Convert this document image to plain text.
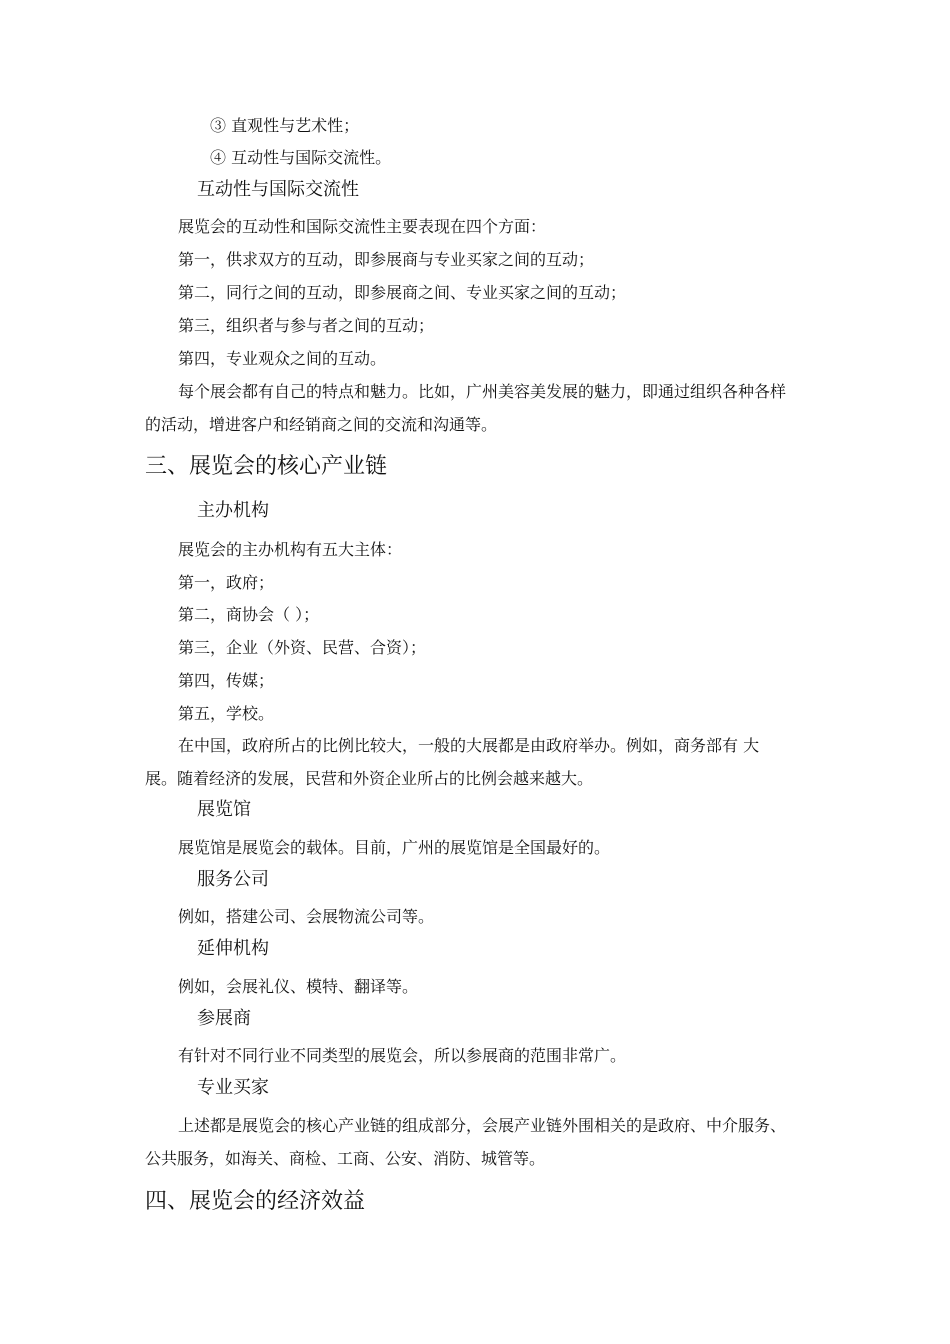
③ 直观性与艺术性；
④ 互动性与国际交流性。
互动性与国际交流性
展览会的互动性和国际交流性主要表现在四个方面：
第一，供求双方的互动，即参展商与专业买家之间的互动；
第二，同行之间的互动，即参展商之间、专业买家之间的互动；
第三，组织者与参与者之间的互动；
第四，专业观众之间的互动。
每个展会都有自己的特点和魅力。比如，广州美容美发展的魅力，即通过组织各种各样
的活动，增进客户和经销商之间的交流和沟通等。
三、展览会的核心产业链
主办机构
展览会的主办机构有五大主体：
第一，政府；
第二，商协会（ ）；
第三，企业（外资、民营、合资）；
第四，传媒；
第五，学校。
在中国，政府所占的比例比较大，一般的大展都是由政府举办。例如，商务部有 大
展。随着经济的发展，民营和外资企业所占的比例会越来越大。
展览馆
展览馆是展览会的载体。目前，广州的展览馆是全国最好的。
服务公司
例如，搭建公司、会展物流公司等。
延伸机构
例如，会展礼仪、模特、翻译等。
参展商
有针对不同行业不同类型的展览会，所以参展商的范围非常广。
专业买家
上述都是展览会的核心产业链的组成部分，会展产业链外围相关的是政府、中介服务、
公共服务，如海关、商检、工商、公安、消防、城管等。
四、展览会的经济效益
